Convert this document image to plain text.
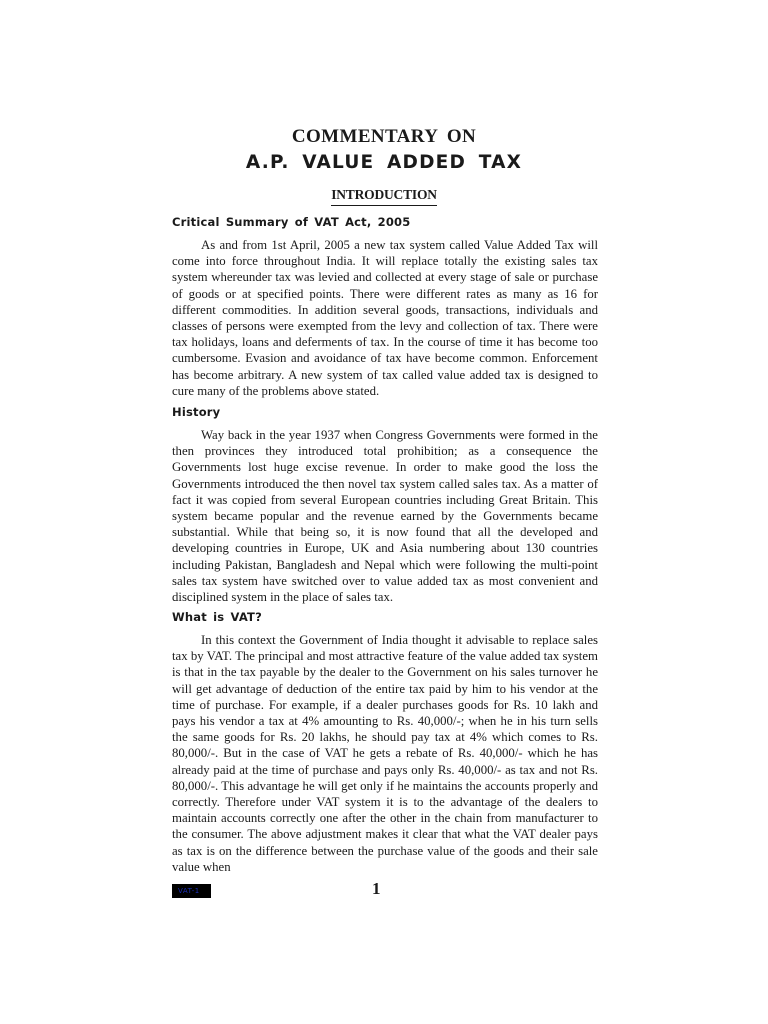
COMMENTARY ON
A.P. VALUE ADDED TAX
INTRODUCTION
Critical Summary of VAT Act, 2005

As and from 1st April, 2005 a new tax system called Value Added Tax will come into force throughout India. It will replace totally the existing sales tax system whereunder tax was levied and collected at every stage of sale or purchase of goods or at specified points. There were different rates as many as 16 for different commodities. In addition several goods, transactions, individuals and classes of persons were exempted from the levy and collection of tax. There were tax holidays, loans and deferments of tax. In the course of time it has become too cumbersome. Evasion and avoidance of tax have become common. Enforcement has become arbitrary. A new system of tax called value added tax is designed to cure many of the problems above stated.

History

Way back in the year 1937 when Congress Governments were formed in the then provinces they introduced total prohibition; as a consequence the Governments lost huge excise revenue. In order to make good the loss the Governments introduced the then novel tax system called sales tax. As a matter of fact it was copied from several European countries including Great Britain. This system became popular and the revenue earned by the Governments became substantial. While that being so, it is now found that all the developed and developing countries in Europe, UK and Asia numbering about 130 countries including Pakistan, Bangladesh and Nepal which were following the multi-point sales tax system have switched over to value added tax as most convenient and disciplined system in the place of sales tax.

What is VAT?

In this context the Government of India thought it advisable to replace sales tax by VAT. The principal and most attractive feature of the value added tax system is that in the tax payable by the dealer to the Government on his sales turnover he will get advantage of deduction of the entire tax paid by him to his vendor at the time of purchase. For example, if a dealer purchases goods for Rs. 10 lakh and pays his vendor a tax at 4% amounting to Rs. 40,000/-; when he in his turn sells the same goods for Rs. 20 lakhs, he should pay tax at 4% which comes to Rs. 80,000/-. But in the case of VAT he gets a rebate of Rs. 40,000/- which he has already paid at the time of purchase and pays only Rs. 40,000/- as tax and not Rs. 80,000/-. This advantage he will get only if he maintains the accounts properly and correctly. Therefore under VAT system it is to the advantage of the dealers to maintain accounts correctly one after the other in the chain from manufacturer to the consumer. The above adjustment makes it clear that what the VAT dealer pays as tax is on the difference between the purchase value of the goods and their sale value when

VAT-1	1
